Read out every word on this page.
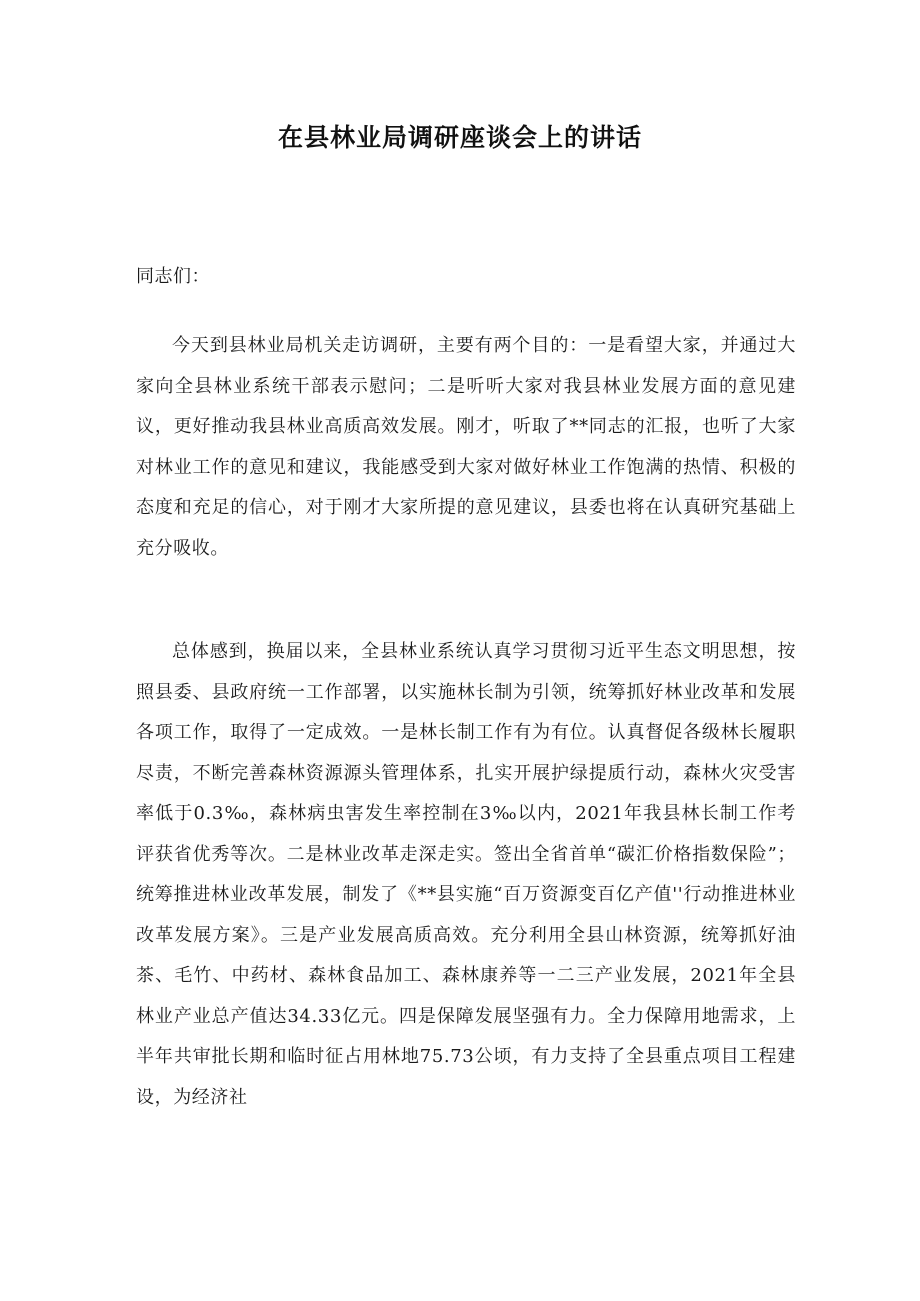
在县林业局调研座谈会上的讲话

同志们：

今天到县林业局机关走访调研，主要有两个目的：一是看望大家，并通过大家向全县林业系统干部表示慰问；二是听听大家对我县林业发展方面的意见建议，更好推动我县林业高质高效发展。刚才，听取了**同志的汇报，也听了大家对林业工作的意见和建议，我能感受到大家对做好林业工作饱满的热情、积极的态度和充足的信心，对于刚才大家所提的意见建议，县委也将在认真研究基础上充分吸收。

总体感到，换届以来，全县林业系统认真学习贯彻习近平生态文明思想，按照县委、县政府统一工作部署，以实施林长制为引领，统筹抓好林业改革和发展各项工作，取得了一定成效。一是林长制工作有为有位。认真督促各级林长履职尽责，不断完善森林资源源头管理体系，扎实开展护绿提质行动，森林火灾受害率低于0.3‰，森林病虫害发生率控制在3‰以内，2021年我县林长制工作考评获省优秀等次。二是林业改革走深走实。签出全省首单“碳汇价格指数保险”；统筹推进林业改革发展，制发了《**县实施“百万资源变百亿产值''行动推进林业改革发展方案》。三是产业发展高质高效。充分利用全县山林资源，统筹抓好油茶、毛竹、中药材、森林食品加工、森林康养等一二三产业发展，2021年全县林业产业总产值达34.33亿元。四是保障发展坚强有力。全力保障用地需求，上半年共审批长期和临时征占用林地75.73公顷，有力支持了全县重点项目工程建设，为经济社
